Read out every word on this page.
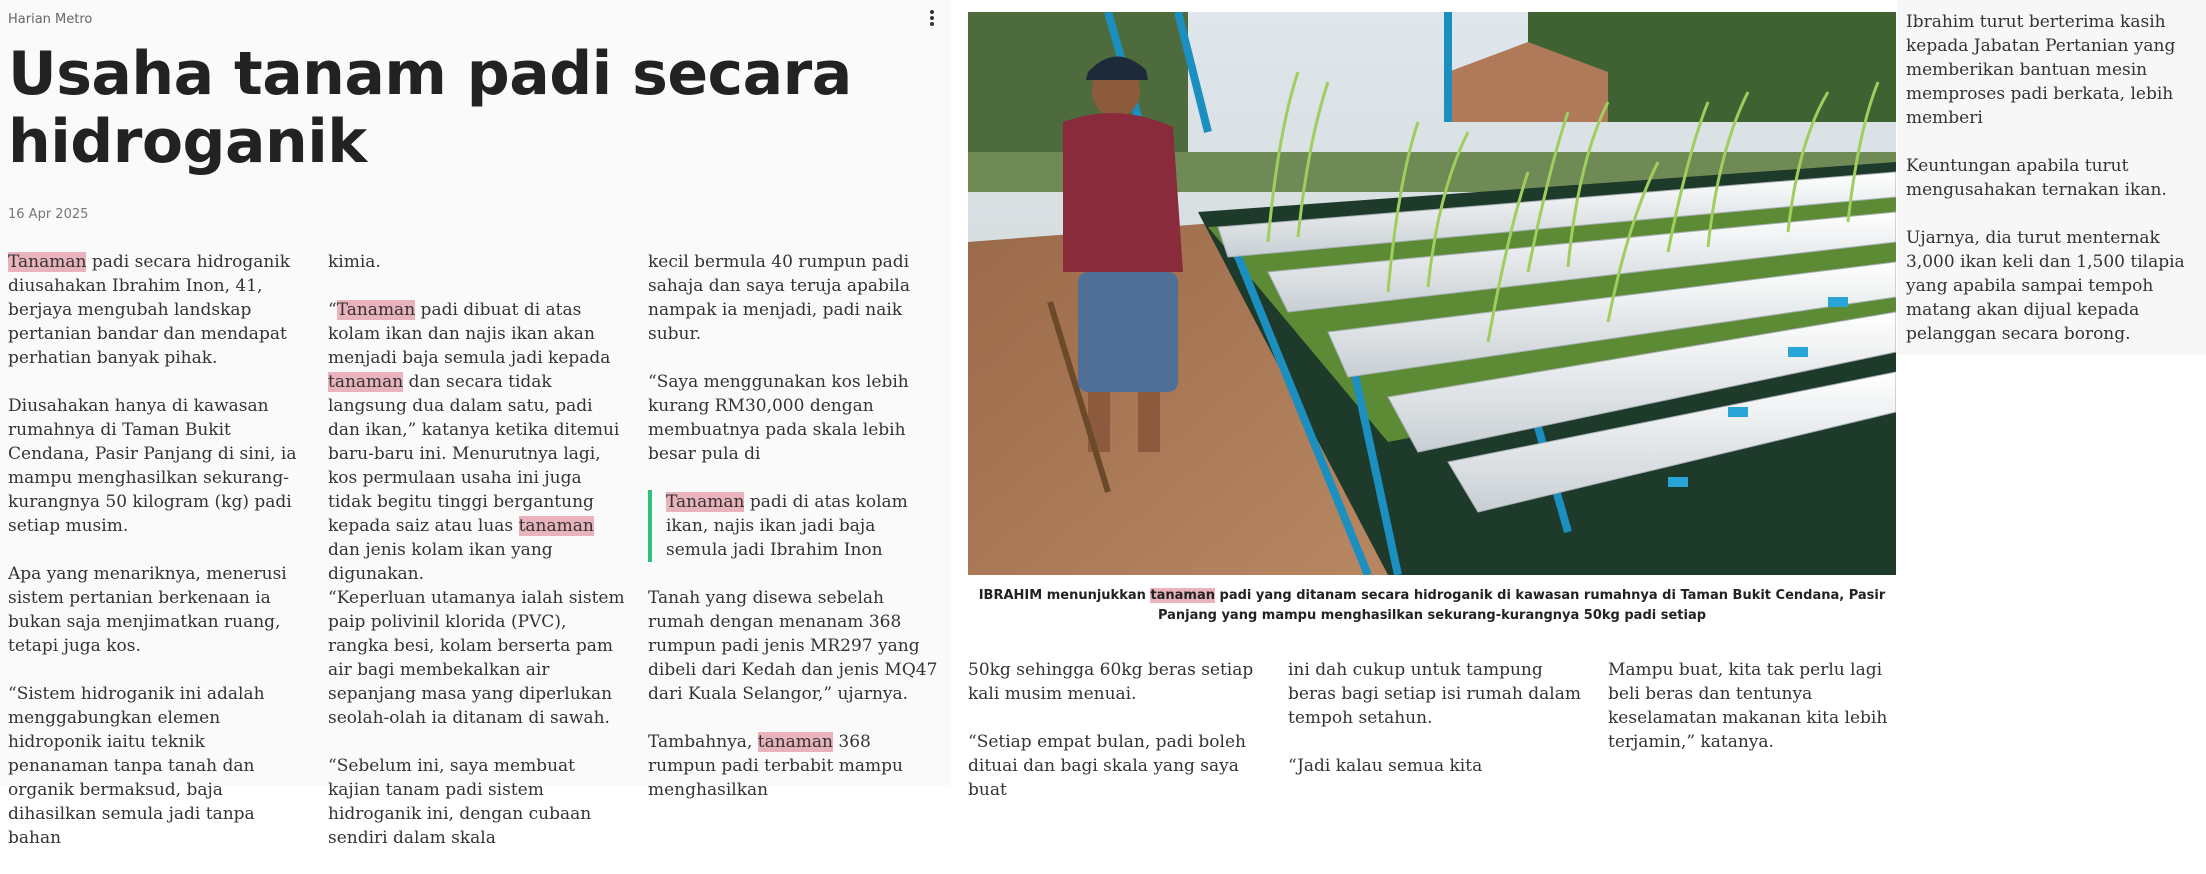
Harian Metro
Usaha tanam padi secara hidroganik
16 Apr 2025

Tanaman padi secara hidroganik diusahakan Ibrahim Inon, 41, berjaya mengubah landskap pertanian bandar dan mendapat perhatian banyak pihak.

Diusahakan hanya di kawasan rumahnya di Taman Bukit Cendana, Pasir Panjang di sini, ia mampu menghasilkan sekurang-kurangnya 50 kilogram (kg) padi setiap musim.

Apa yang menariknya, menerusi sistem pertanian berkenaan ia bukan saja menjimatkan ruang, tetapi juga kos.

“Sistem hidroganik ini adalah menggabungkan elemen hidroponik iaitu teknik penanaman tanpa tanah dan organik bermaksud, baja dihasilkan semula jadi tanpa bahan

kimia.

“Tanaman padi dibuat di atas kolam ikan dan najis ikan akan menjadi baja semula jadi kepada tanaman dan secara tidak langsung dua dalam satu, padi dan ikan,” katanya ketika ditemui baru-baru ini. Menurutnya lagi, kos permulaan usaha ini juga tidak begitu tinggi bergantung kepada saiz atau luas tanaman dan jenis kolam ikan yang digunakan.

“Keperluan utamanya ialah sistem paip polivinil klorida (PVC), rangka besi, kolam berserta pam air bagi membekalkan air sepanjang masa yang diperlukan seolah-olah ia ditanam di sawah.

“Sebelum ini, saya membuat kajian tanam padi sistem hidroganik ini, dengan cubaan sendiri dalam skala

kecil bermula 40 rumpun padi sahaja dan saya teruja apabila nampak ia menjadi, padi naik subur.

“Saya menggunakan kos lebih kurang RM30,000 dengan membuatnya pada skala lebih besar pula di

Tanaman padi di atas kolam ikan, najis ikan jadi baja semula jadi Ibrahim Inon

Tanah yang disewa sebelah rumah dengan menanam 368 rumpun padi jenis MR297 yang dibeli dari Kedah dan jenis MQ47 dari Kuala Selangor,” ujarnya.

Tambahnya, tanaman 368 rumpun padi terbabit mampu menghasilkan

IBRAHIM menunjukkan tanaman padi yang ditanam secara hidroganik di kawasan rumahnya di Taman Bukit Cendana, Pasir Panjang yang mampu menghasilkan sekurang-kurangnya 50kg padi setiap

50kg sehingga 60kg beras setiap kali musim menuai.

“Setiap empat bulan, padi boleh dituai dan bagi skala yang saya buat

ini dah cukup untuk tampung beras bagi setiap isi rumah dalam tempoh setahun.

“Jadi kalau semua kita

Mampu buat, kita tak perlu lagi beli beras dan tentunya keselamatan makanan kita lebih terjamin,” katanya.

Ibrahim turut berterima kasih kepada Jabatan Pertanian yang memberikan bantuan mesin memproses padi berkata, lebih memberi

Keuntungan apabila turut mengusahakan ternakan ikan.

Ujarnya, dia turut menternak 3,000 ikan keli dan 1,500 tilapia yang apabila sampai tempoh matang akan dijual kepada pelanggan secara borong.
